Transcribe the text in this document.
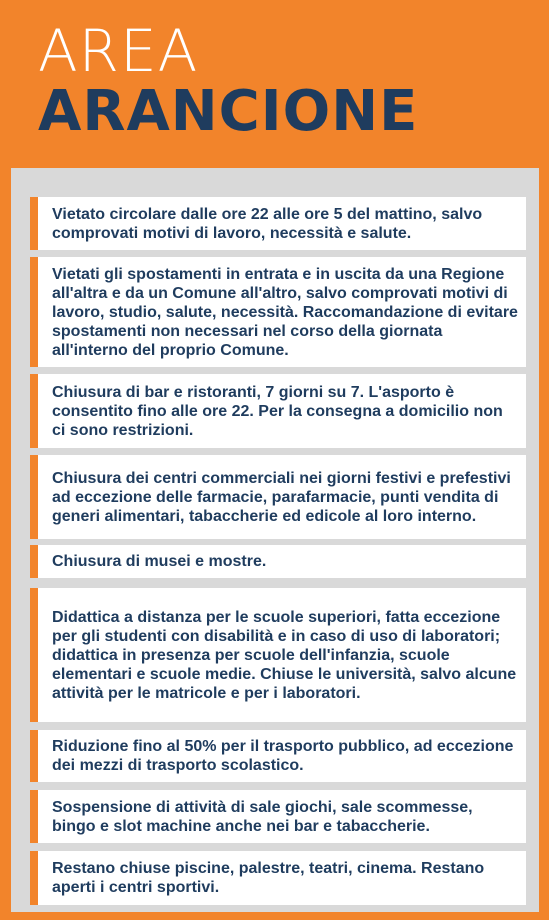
AREA
ARANCIONE
Vietato circolare dalle ore 22 alle ore 5 del mattino, salvo comprovati motivi di lavoro, necessità e salute.
Vietati gli spostamenti in entrata e in uscita da una Regione all'altra e da un Comune all'altro, salvo comprovati motivi di lavoro, studio, salute, necessità. Raccomandazione di evitare spostamenti non necessari nel corso della giornata all'interno del proprio Comune.
Chiusura di bar e ristoranti, 7 giorni su 7. L'asporto è consentito fino alle ore 22. Per la consegna a domicilio non ci sono restrizioni.
Chiusura dei centri commerciali nei giorni festivi e prefestivi ad eccezione delle farmacie, parafarmacie, punti vendita di generi alimentari, tabaccherie ed edicole al loro interno.
Chiusura di musei e mostre.
Didattica a distanza per le scuole superiori, fatta eccezione per gli studenti con disabilità e in caso di uso di laboratori; didattica in presenza per scuole dell'infanzia, scuole elementari e scuole medie. Chiuse le università, salvo alcune attività per le matricole e per i laboratori.
Riduzione fino al 50% per il trasporto pubblico, ad eccezione dei mezzi di trasporto scolastico.
Sospensione di attività di sale giochi, sale scommesse, bingo e slot machine anche nei bar e tabaccherie.
Restano chiuse piscine, palestre, teatri, cinema. Restano aperti i centri sportivi.
